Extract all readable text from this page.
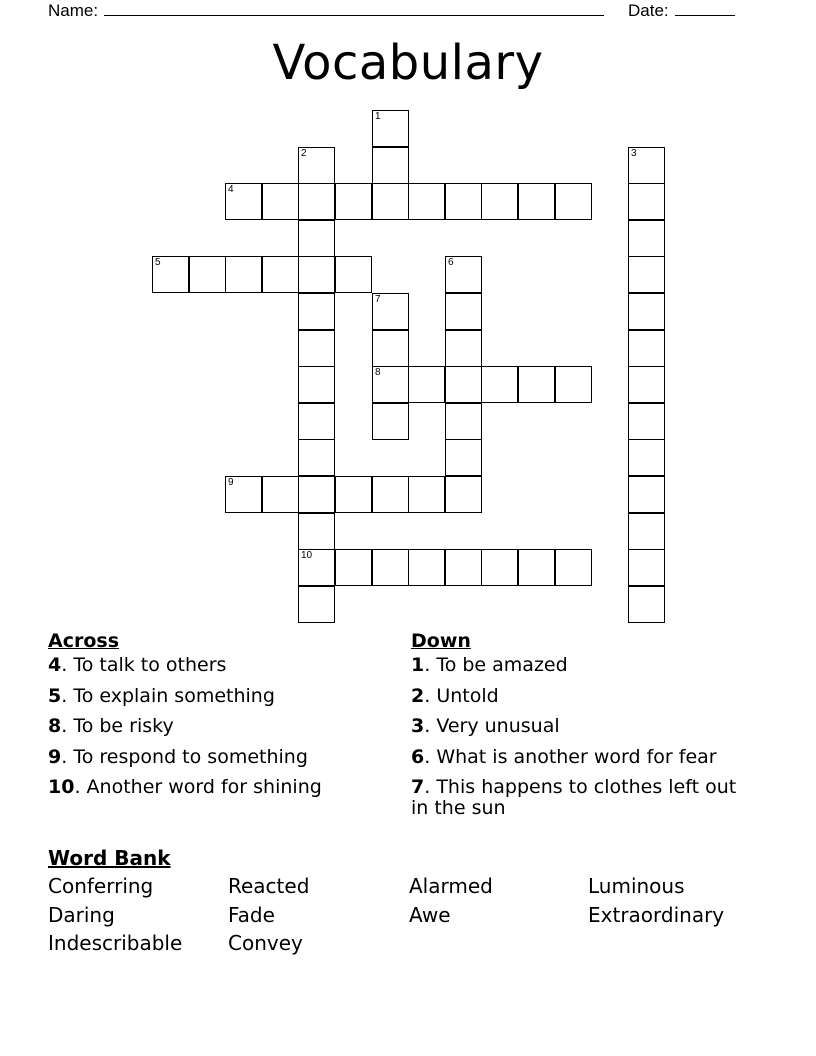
Name:	Date:
Vocabulary
4
5
8
9
10
1
2	3
6
7
Across
4. To talk to others
5. To explain something
8. To be risky
9. To respond to something
10. Another word for shining
Down
1. To be amazed
2. Untold
3. Very unusual
6. What is another word for fear
7. This happens to clothes left out in the sun
Word Bank
Conferring	Reacted	Alarmed	Luminous
Daring	Fade	Awe	Extraordinary
Indescribable Convey
